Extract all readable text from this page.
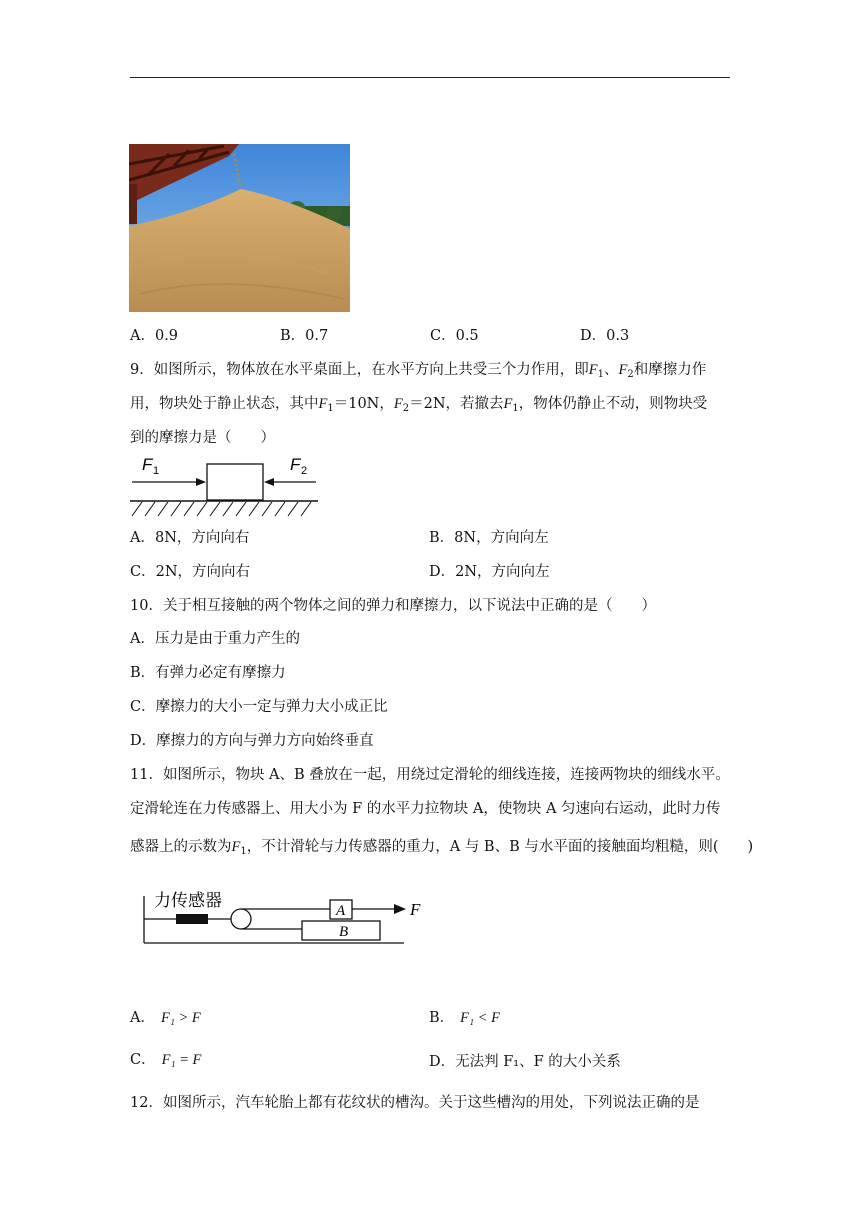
A．0.9	B．0.7	C．0.5	D．0.3
9．如图所示，物体放在水平桌面上，在水平方向上共受三个力作用，即$F_1$、$F_2$和摩擦力作
用，物块处于静止状态，其中$F_1=10N$，$F_2=2N$，若撤去$F_1$，物体仍静止不动，则物块受
到的摩擦力是（　　）
F 1	F 2
A．8N，方向向右	B．8N，方向向左
C．2N，方向向右	D．2N，方向向左
10．关于相互接触的两个物体之间的弹力和摩擦力，以下说法中正确的是（　　）
A．压力是由于重力产生的
B．有弹力必定有摩擦力
C．摩擦力的大小一定与弹力大小成正比
D．摩擦力的方向与弹力方向始终垂直
11．如图所示，物块 A、B 叠放在一起，用绕过定滑轮的细线连接，连接两物块的细线水平。
定滑轮连在力传感器上、用大小为 F 的水平力拉物块 A，使物块 A 匀速向右运动，此时力传
感器上的示数为$F_1$，不计滑轮与力传感器的重力，A 与 B、B 与水平面的接触面均粗糙，则(　　)
力传感器	A	F
B
A． F₁ > F	B． F₁ < F
C． F₁ = F	D．无法判 F₁、F 的大小关系
12．如图所示，汽车轮胎上都有花纹状的槽沟。关于这些槽沟的用处，下列说法正确的是
